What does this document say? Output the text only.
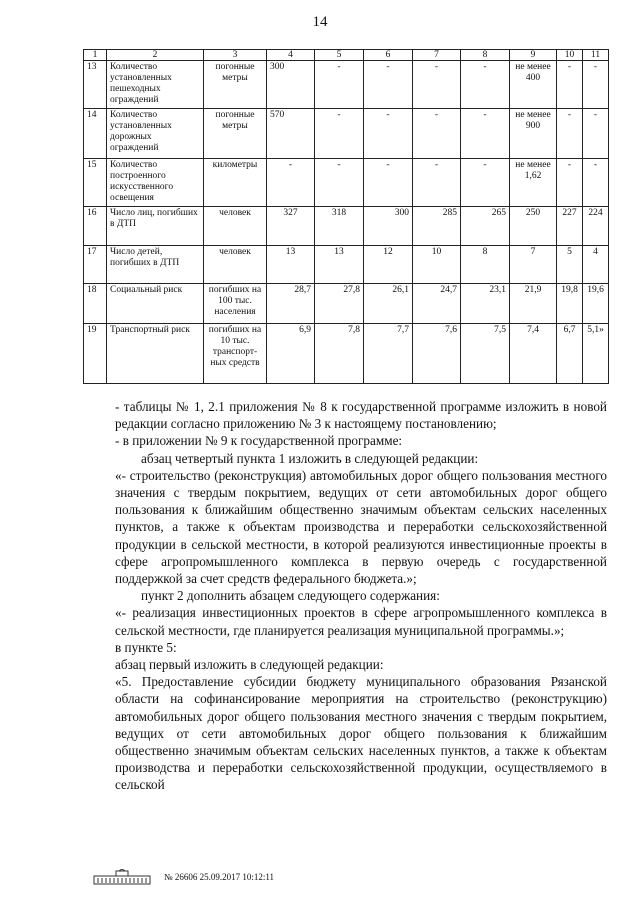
14
1	2	3	4	5	6	7	8	9	10	11
13	Количество установленных пешеходных ограждений	погонные метры	300	-	-	-	-	не менее 400	-	-
14	Количество установленных дорожных ограждений	погонные метры	570	-	-	-	-	не менее 900	-	-
15	Количество построенного искусственного освещения	километры	-	-	-	-	-	не менее 1,62	-	-
16	Число лиц, погибших в ДТП	человек	327	318	300	285	265	250	227	224
17	Число детей, погибших в ДТП	человек	13	13	12	10	8	7	5	4
18	Социальный риск	погибших на 100 тыс. населения	28,7	27,8	26,1	24,7	23,1	21,9	19,8	19,6
19	Транспортный риск	погибших на 10 тыс. транспорт-ных средств	6,9	7,8	7,7	7,6	7,5	7,4	6,7	5,1»

- таблицы № 1, 2.1 приложения № 8 к государственной программе изложить в новой редакции согласно приложению № 3 к настоящему постановлению;

- в приложении № 9 к государственной программе:

абзац четвертый пункта 1 изложить в следующей редакции:

«- строительство (реконструкция) автомобильных дорог общего пользования местного значения с твердым покрытием, ведущих от сети автомобильных дорог общего пользования к ближайшим общественно значимым объектам сельских населенных пунктов, а также к объектам производства и переработки сельскохозяйственной продукции в сельской местности, в которой реализуются инвестиционные проекты в сфере агропромышленного комплекса в первую очередь с государственной поддержкой за счет средств федерального бюджета.»;

пункт 2 дополнить абзацем следующего содержания:

«- реализация инвестиционных проектов в сфере агропромышленного комплекса в сельской местности, где планируется реализация муниципальной программы.»;

в пункте 5:

абзац первый изложить в следующей редакции:

«5. Предоставление субсидии бюджету муниципального образования Рязанской области на софинансирование мероприятия на строительство (реконструкцию) автомобильных дорог общего пользования местного значения с твердым покрытием, ведущих от сети автомобильных дорог общего пользования к ближайшим общественно значимым объектам сельских населенных пунктов, а также к объектам производства и переработки сельскохозяйственной продукции, осуществляемого в сельской

№ 26606 25.09.2017 10:12:11
